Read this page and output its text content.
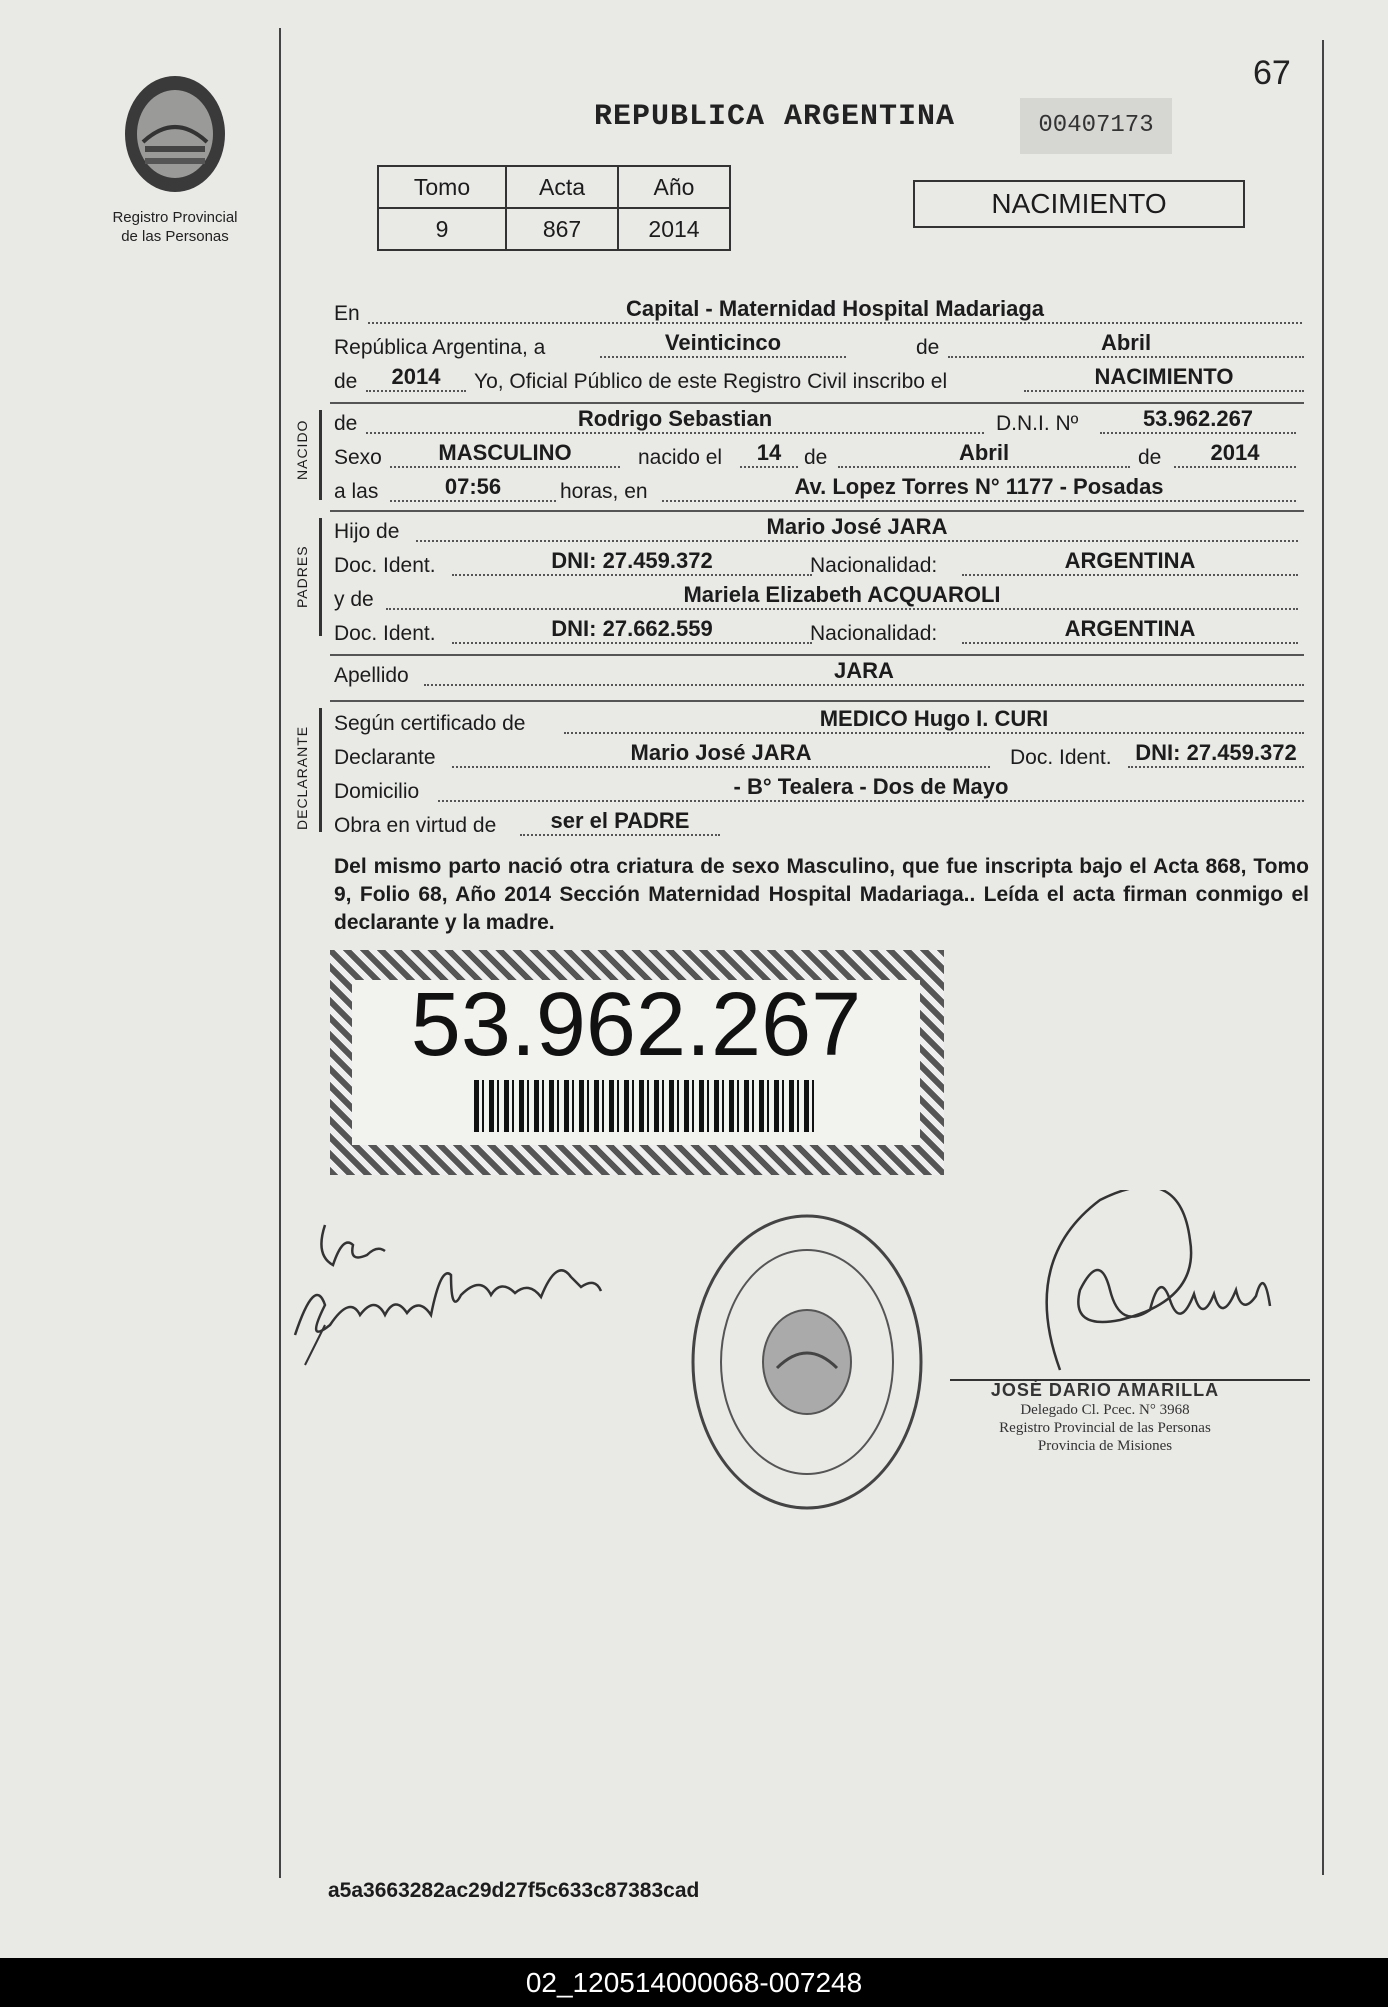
Registro Provincial
de las Personas
67
REPUBLICA ARGENTINA	00407173
Tomo	Acta	Año
9	867	2014
NACIMIENTO
En	Capital - Maternidad Hospital Madariaga
República Argentina, a	Veinticinco	de	Abril
de	2014	Yo, Oficial Público de este Registro Civil inscribo el	NACIMIENTO
NACIDO de	Rodrigo Sebastian	D.N.I. Nº	53.962.267
Sexo	MASCULINO	nacido el	14	de	Abril	de	2014
a las	07:56	horas, en	Av. Lopez Torres N° 1177 - Posadas
PADRES
Hijo de	Mario José JARA
Doc. Ident.	DNI: 27.459.372	Nacionalidad:	ARGENTINA
y de	Mariela Elizabeth ACQUAROLI
Doc. Ident.	DNI: 27.662.559	Nacionalidad:	ARGENTINA
Apellido	JARA
DECLARANTE
Según certificado de	MEDICO Hugo I. CURI
Declarante	Mario José JARA	Doc. Ident.	DNI: 27.459.372
Domicilio	- B° Tealera - Dos de Mayo
Obra en virtud de	ser el PADRE
Del mismo parto nació otra criatura de sexo Masculino, que fue inscripta bajo el Acta 868, Tomo 9, Folio 68, Año 2014 Sección Maternidad Hospital Madariaga.. Leída el acta firman conmigo el declarante y la madre.
53.962.267
JOSÉ DARIO AMARILLA
Delegado Cl. Pcec. N° 3968
Registro Provincial de las Personas
Provincia de Misiones
a5a3663282ac29d27f5c633c87383cad
02_120514000068-007248
